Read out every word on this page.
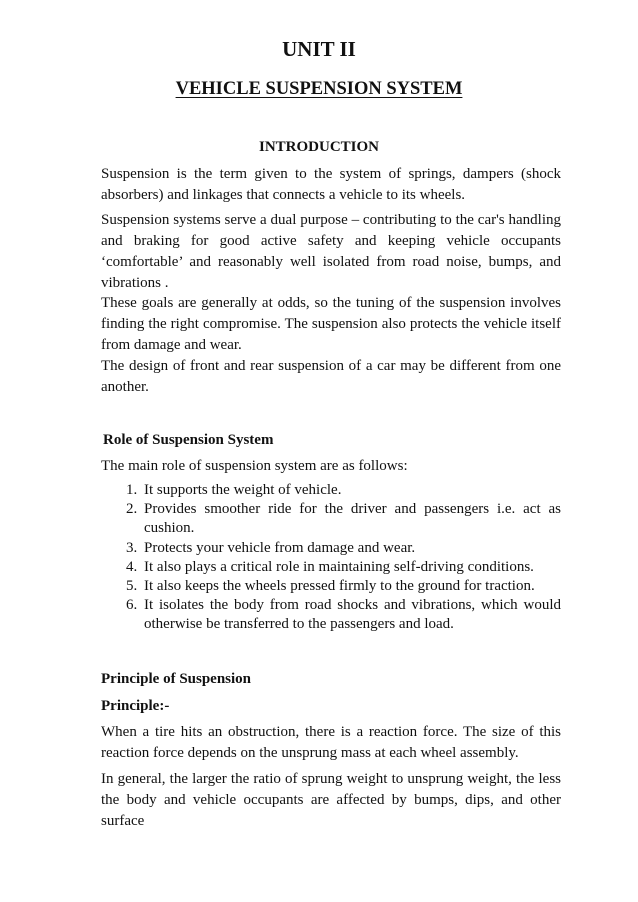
UNIT II
VEHICLE SUSPENSION SYSTEM
INTRODUCTION

Suspension is the term given to the system of springs, dampers (shock absorbers) and linkages that connects a vehicle to its wheels.

Suspension systems serve a dual purpose – contributing to the car's handling and braking for good active safety and keeping vehicle occupants ‘comfortable’ and reasonably well isolated from road noise, bumps, and vibrations .

These goals are generally at odds, so the tuning of the suspension involves finding the right compromise. The suspension also protects the vehicle itself from damage and wear.

The design of front and rear suspension of a car may be different from one another.

Role of Suspension System

The main role of suspension system are as follows:

1. It supports the weight of vehicle.
2. Provides smoother ride for the driver and passengers i.e. act as cushion.
3. Protects your vehicle from damage and wear.
4. It also plays a critical role in maintaining self-driving conditions.
5. It also keeps the wheels pressed firmly to the ground for traction.
6. It isolates the body from road shocks and vibrations, which would otherwise be transferred to the passengers and load.
Principle of Suspension
Principle:-

When a tire hits an obstruction, there is a reaction force. The size of this reaction force depends on the unsprung mass at each wheel assembly.

In general, the larger the ratio of sprung weight to unsprung weight, the less the body and vehicle occupants are affected by bumps, dips, and other surface
